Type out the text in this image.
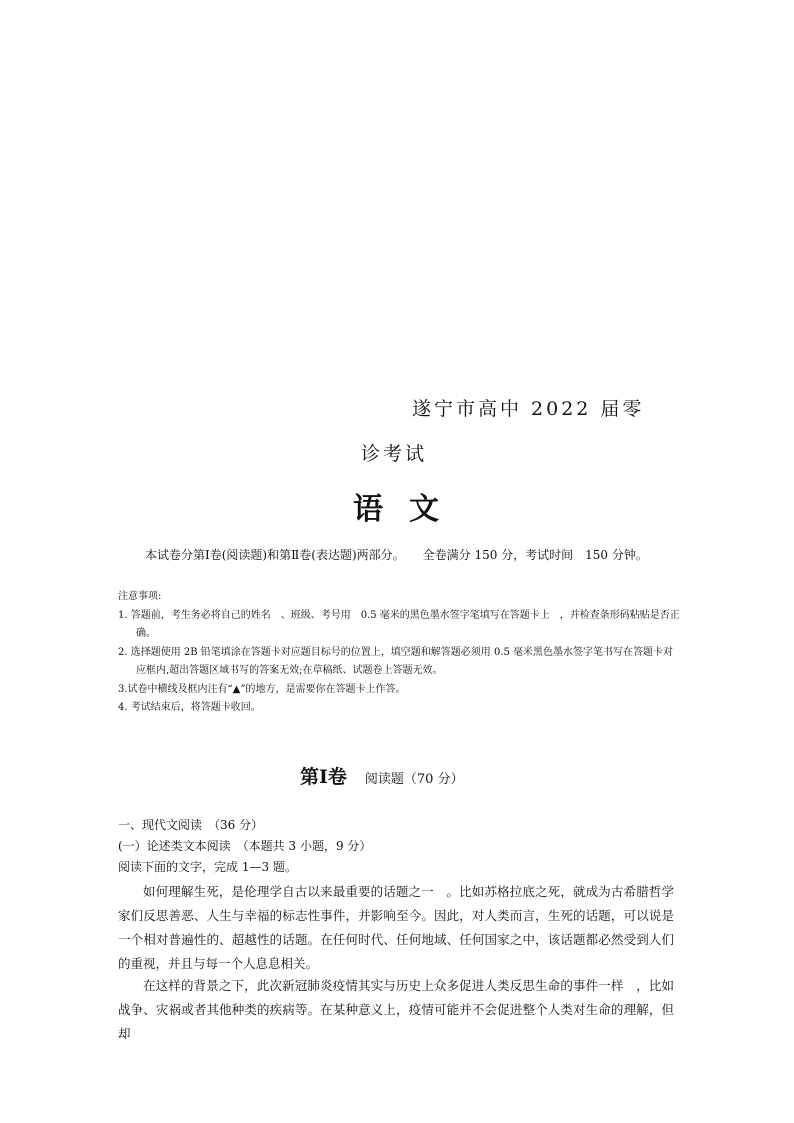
遂宁市高中 2022 届零
诊考试
语文
本试卷分第Ⅰ卷(阅读题)和第Ⅱ卷(表达题)两部分。　　全卷满分 150 分，考试时间　150 分钟。
注意事项:
1. 答题前，考生务必将自己的姓名　、班级、考号用　0.5 毫米的黑色墨水签字笔填写在答题卡上　，并检查条形码粘贴是否正确。
2. 选择题使用 2B 铅笔填涂在答题卡对应题目标号的位置上，填空题和解答题必须用 0.5 毫米黑色墨水签字笔书写在答题卡对应框内,超出答题区域书写的答案无效;在草稿纸、试题卷上答题无效。
3.试卷中横线及框内注有“▲”的地方，是需要你在答题卡上作答。
4. 考试结束后，将答题卡收回。
第Ⅰ卷 阅读题（70 分）
一、现代文阅读　（36 分）
(一）论述类文本阅读　（本题共 3 小题，9 分）
阅读下面的文字，完成 1—3 题。
如何理解生死，是伦理学自古以来最重要的话题之一　。比如苏格拉底之死，就成为古希腊哲学家们反思善恶、人生与幸福的标志性事件，并影响至今。因此，对人类而言，生死的话题，可以说是一个相对普遍性的、超越性的话题。在任何时代、任何地域、任何国家之中，该话题都必然受到人们的重视，并且与每一个人息息相关。
在这样的背景之下，此次新冠肺炎疫情其实与历史上众多促进人类反思生命的事件一样　，比如战争、灾祸或者其他种类的疾病等。在某种意义上，疫情可能并不会促进整个人类对生命的理解，但却
